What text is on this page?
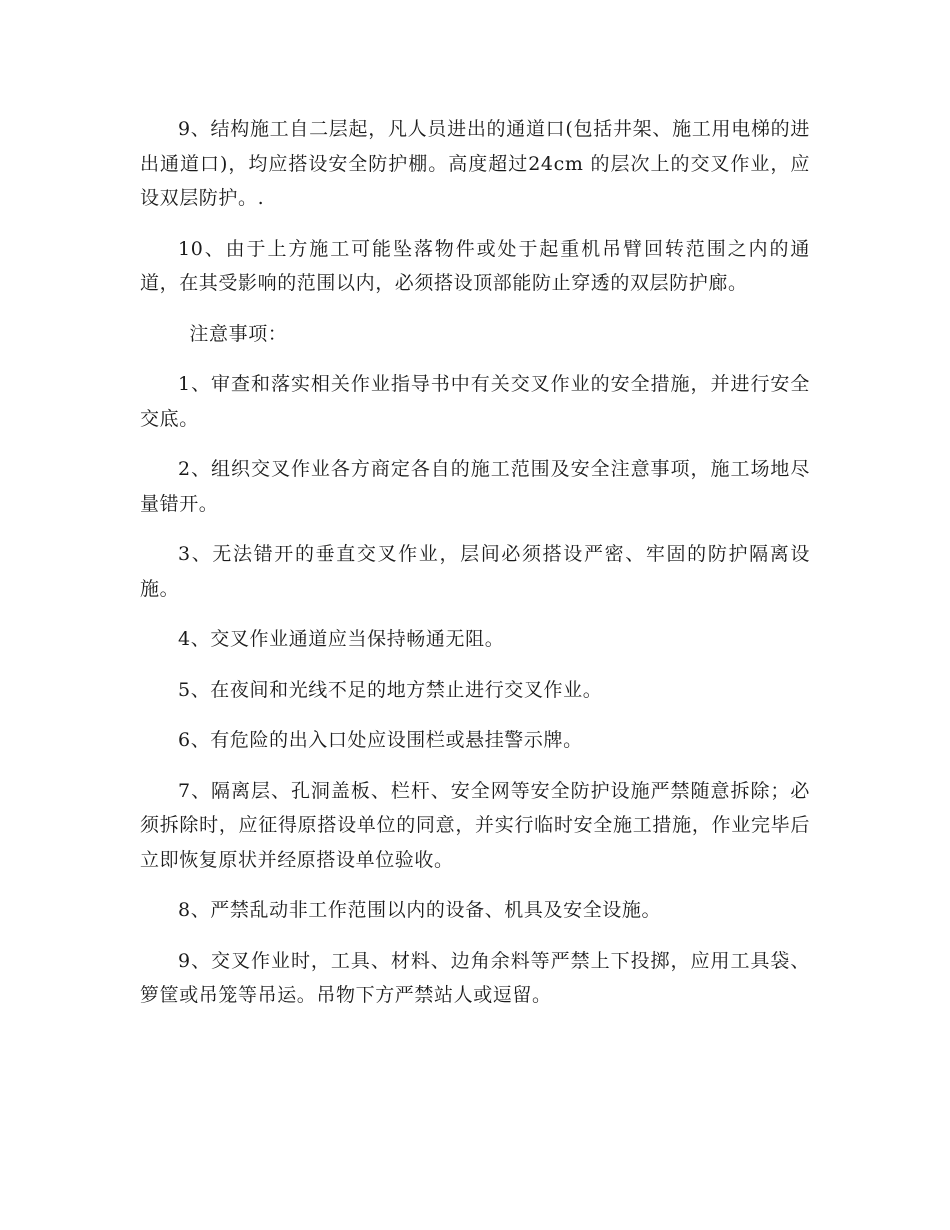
9、结构施工自二层起，凡人员进出的通道口(包括井架、施工用电梯的进出通道口)，均应搭设安全防护棚。高度超过24cm 的层次上的交叉作业，应设双层防护。.

10、由于上方施工可能坠落物件或处于起重机吊臂回转范围之内的通道，在其受影响的范围以内，必须搭设顶部能防止穿透的双层防护廊。

注意事项：

1、审查和落实相关作业指导书中有关交叉作业的安全措施，并进行安全交底。

2、组织交叉作业各方商定各自的施工范围及安全注意事项，施工场地尽量错开。

3、无法错开的垂直交叉作业，层间必须搭设严密、牢固的防护隔离设施。

4、交叉作业通道应当保持畅通无阻。

5、在夜间和光线不足的地方禁止进行交叉作业。

6、有危险的出入口处应设围栏或悬挂警示牌。

7、隔离层、孔洞盖板、栏杆、安全网等安全防护设施严禁随意拆除；必须拆除时，应征得原搭设单位的同意，并实行临时安全施工措施，作业完毕后立即恢复原状并经原搭设单位验收。

8、严禁乱动非工作范围以内的设备、机具及安全设施。

9、交叉作业时，工具、材料、边角余料等严禁上下投掷，应用工具袋、箩筐或吊笼等吊运。吊物下方严禁站人或逗留。
